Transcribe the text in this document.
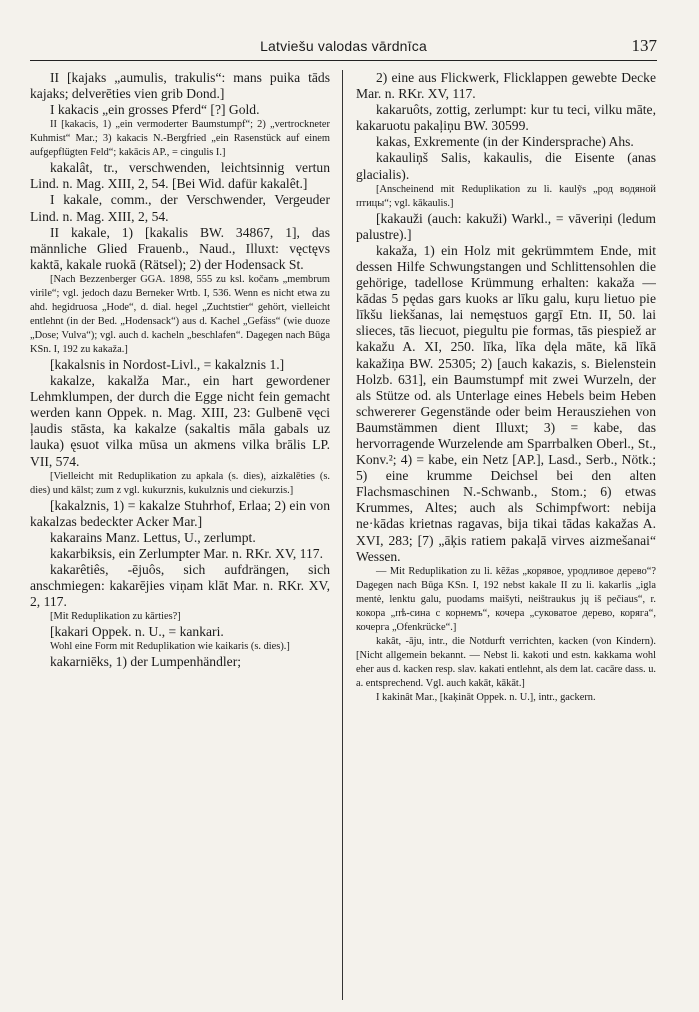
Latviešu valodas vārdnīca	137

II [kajaks „aumulis, trakulis“: mans puika tāds kajaks; delverēties vien grib Dond.]

I kakacis „ein grosses Pferd“ [?] Gold.

II [kakacis, 1) „ein vermoderter Baumstumpf“; 2) „vertrockneter Kuhmist“ Mar.; 3) kakacis N.-Bergfried „ein Rasenstück auf einem aufgepflügten Feld“; kakācis AP., = cingulis I.]

kakalât, tr., verschwenden, leichtsinnig vertun Lind. n. Mag. XIII, 2, 54. [Bei Wid. dafür kakalêt.]

I kakale, comm., der Verschwender, Vergeuder Lind. n. Mag. XIII, 2, 54.

II kakale, 1) [kakalis BW. 34867, 1], das männliche Glied Frauenb., Naud., Illuxt: vęctęvs kaktā, kakale ruokā (Rätsel); 2) der Hodensack St.

[Nach Bezzenberger GGA. 1898, 555 zu ksl. kočanъ „membrum virile“; vgl. jedoch dazu Berneker Wrtb. I, 536. Wenn es nicht etwa zu ahd. hegidruosa „Hode“, d. dial. hegel „Zuchtstier“ gehört, vielleicht entlehnt (in der Bed. „Hodensack“) aus d. Kachel „Gefäss“ (wie duoze „Dose; Vulva“); vgl. auch d. kacheln „beschlafen“. Dagegen nach Būga KSn. I, 192 zu kakaža.]

[kakalsnis in Nordost-Livl., = kakalznis 1.]

kakalze, kakalža Mar., ein hart gewordener Lehmklumpen, der durch die Egge nicht fein gemacht werden kann Oppek. n. Mag. XIII, 23: Gulbenē vęci ļaudis stāsta, ka kakalze (sakaltis māla gabals uz lauka) ęsuot vilka mūsa un akmens vilka brālis LP. VII, 574.

[Vielleicht mit Reduplikation zu apkala (s. dies), aizkalēties (s. dies) und kālst; zum z vgl. kukurznis, kukulznis und ciekurzis.]

[kakalznis, 1) = kakalze Stuhrhof, Erlaa; 2) ein von kakalzas bedeckter Acker Mar.]

kakarains Manz. Lettus, U., zerlumpt.

kakarbiksis, ein Zerlumpter Mar. n. RKr. XV, 117.

kakarêtiês, -ējuôs, sich aufdrängen, sich anschmiegen: kakarējies viņam klāt Mar. n. RKr. XV, 2, 117.

[Mit Reduplikation zu kārties?]

[kakari Oppek. n. U., = kankari.

Wohl eine Form mit Reduplikation wie kaikaris (s. dies).]

kakarniēks, 1) der Lumpenhändler;

2) eine aus Flickwerk, Flicklappen gewebte Decke Mar. n. RKr. XV, 117.

kakaruôts, zottig, zerlumpt: kur tu teci, vilku māte, kakaruotu pakaļiņu BW. 30599.

kakas, Exkremente (in der Kindersprache) Ahs.

kakauliņš Salis, kakaulis, die Eisente (anas glacialis).

[Anscheinend mit Reduplikation zu li. kaulỹs „род водяной птицы“; vgl. kākaulis.]

[kakauži (auch: kakuži) Warkl., = vāveriņi (ledum palustre).]

kakaža, 1) ein Holz mit gekrümmtem Ende, mit dessen Hilfe Schwungstangen und Schlittensohlen die gehörige, tadellose Krümmung erhalten: kakaža — kādas 5 pędas gars kuoks ar līku galu, kuŗu lietuo pie līkšu liekšanas, lai nemęstuos gaŗgī Etn. II, 50. lai slieces, tās liecuot, piegultu pie formas, tās piespiež ar kakažu A. XI, 250. līka, līka dęla māte, kā līkā kakažiņa BW. 25305; 2) [auch kakazis, s. Bielenstein Holzb. 631], ein Baumstumpf mit zwei Wurzeln, der als Stütze od. als Unterlage eines Hebels beim Heben schwererer Gegenstände oder beim Herausziehen von Baumstämmen dient Illuxt; 3) = kabe, das hervorragende Wurzelende am Sparrbalken Oberl., St., Konv.²; 4) = kabe, ein Netz [AP.], Lasd., Serb., Nötk.; 5) eine krumme Deichsel bei den alten Flachsmaschinen N.-Schwanb., Stom.; 6) etwas Krummes, Altes; auch als Schimpfwort: nebija ne·kādas krietnas ragavas, bija tikai tādas kakažas A. XVI, 283; [7) „āķis ratiem pakaļā virves aizmešanai“ Wessen.

— Mit Reduplikation zu li. kẽžas „корявое, уродливое дерево“? Dagegen nach Būga KSn. I, 192 nebst kakale II zu li. kakarlis „igla mentė, lenktu galu, puodams maišyti, neištraukus jų iš pečiaus“, r. кокора „пѣ-сина с корнемъ“, кочера „суковатое дерево, коряга“, кочерга „Ofenkrücke“.]

kakât, -āju, intr., die Notdurft verrichten, kacken (von Kindern). [Nicht allgemein bekannt. — Nebst li. kakoti und estn. kakkama wohl eher aus d. kacken resp. slav. kakati entlehnt, als dem lat. cacāre dass. u. a. entsprechend. Vgl. auch kakāt, kākāt.]

I kakinât Mar., [kaķināt Oppek. n. U.], intr., gackern.
